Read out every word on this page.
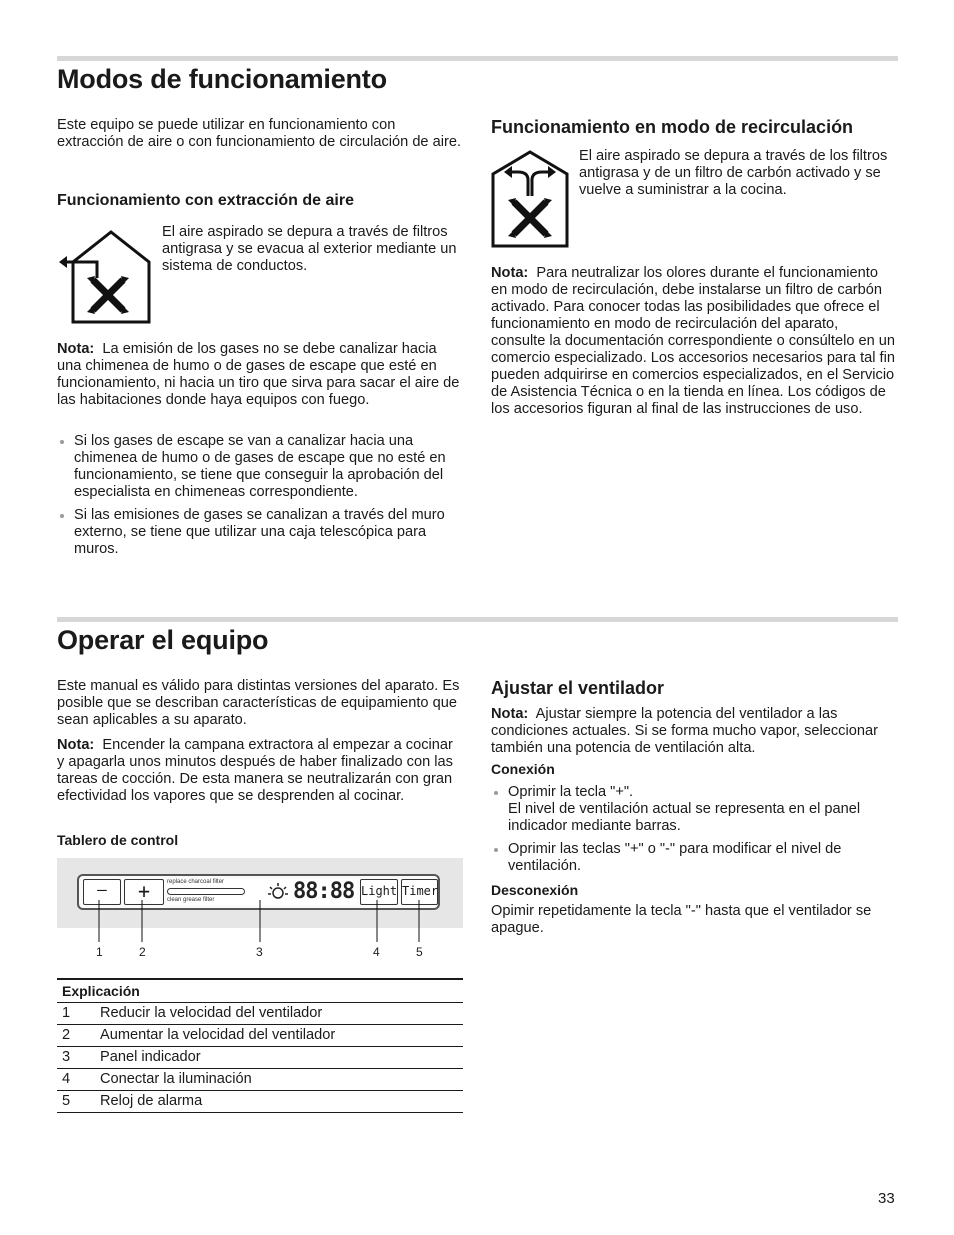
Modos de funcionamiento

Este equipo se puede utilizar en funcionamiento con extracción de aire o con funcionamiento de circulación de aire.

Funcionamiento con extracción de aire

El aire aspirado se depura a través de filtros antigrasa y se evacua al exterior mediante un sistema de conductos.

Nota: La emisión de los gases no se debe canalizar hacia una chimenea de humo o de gases de escape que esté en funcionamiento, ni hacia un tiro que sirva para sacar el aire de las habitaciones donde haya equipos con fuego.

Si los gases de escape se van a canalizar hacia una chimenea de humo o de gases de escape que no esté en funcionamiento, se tiene que conseguir la aprobación del especialista en chimeneas correspondiente.
Si las emisiones de gases se canalizan a través del muro externo, se tiene que utilizar una caja telescópica para muros.
Funcionamiento en modo de recirculación

El aire aspirado se depura a través de los filtros antigrasa y de un filtro de carbón activado y se vuelve a suministrar a la cocina.

Nota: Para neutralizar los olores durante el funcionamiento en modo de recirculación, debe instalarse un filtro de carbón activado. Para conocer todas las posibilidades que ofrece el funcionamiento en modo de recirculación del aparato, consulte la documentación correspondiente o consúltelo en un comercio especializado. Los accesorios necesarios para tal fin pueden adquirirse en comercios especializados, en el Servicio de Asistencia Técnica o en la tienda en línea. Los códigos de los accesorios figuran al final de las instrucciones de uso.

Operar el equipo

Este manual es válido para distintas versiones del aparato. Es posible que se describan características de equipamiento que sean aplicables a su aparato.

Nota: Encender la campana extractora al empezar a cocinar y apagarla unos minutos después de haber finalizado con las tareas de cocción. De esta manera se neutralizarán con gran efectividad los vapores que se desprenden al cocinar.

Tablero de control

—	+	replace charcoal filter
clean grease filter	88:88 Light Timer
1	2	3	4	5
Explicación	
1	Reducir la velocidad del ventilador
2	Aumentar la velocidad del ventilador
3	Panel indicador
4	Conectar la iluminación
5	Reloj de alarma
Ajustar el ventilador

Nota: Ajustar siempre la potencia del ventilador a las condiciones actuales. Si se forma mucho vapor, seleccionar también una potencia de ventilación alta.

Conexión

Oprimir la tecla "+".
El nivel de ventilación actual se representa en el panel indicador mediante barras.
Oprimir las teclas "+" o "-" para modificar el nivel de ventilación.

Desconexión

Opimir repetidamente la tecla "-" hasta que el ventilador se apague.

33
